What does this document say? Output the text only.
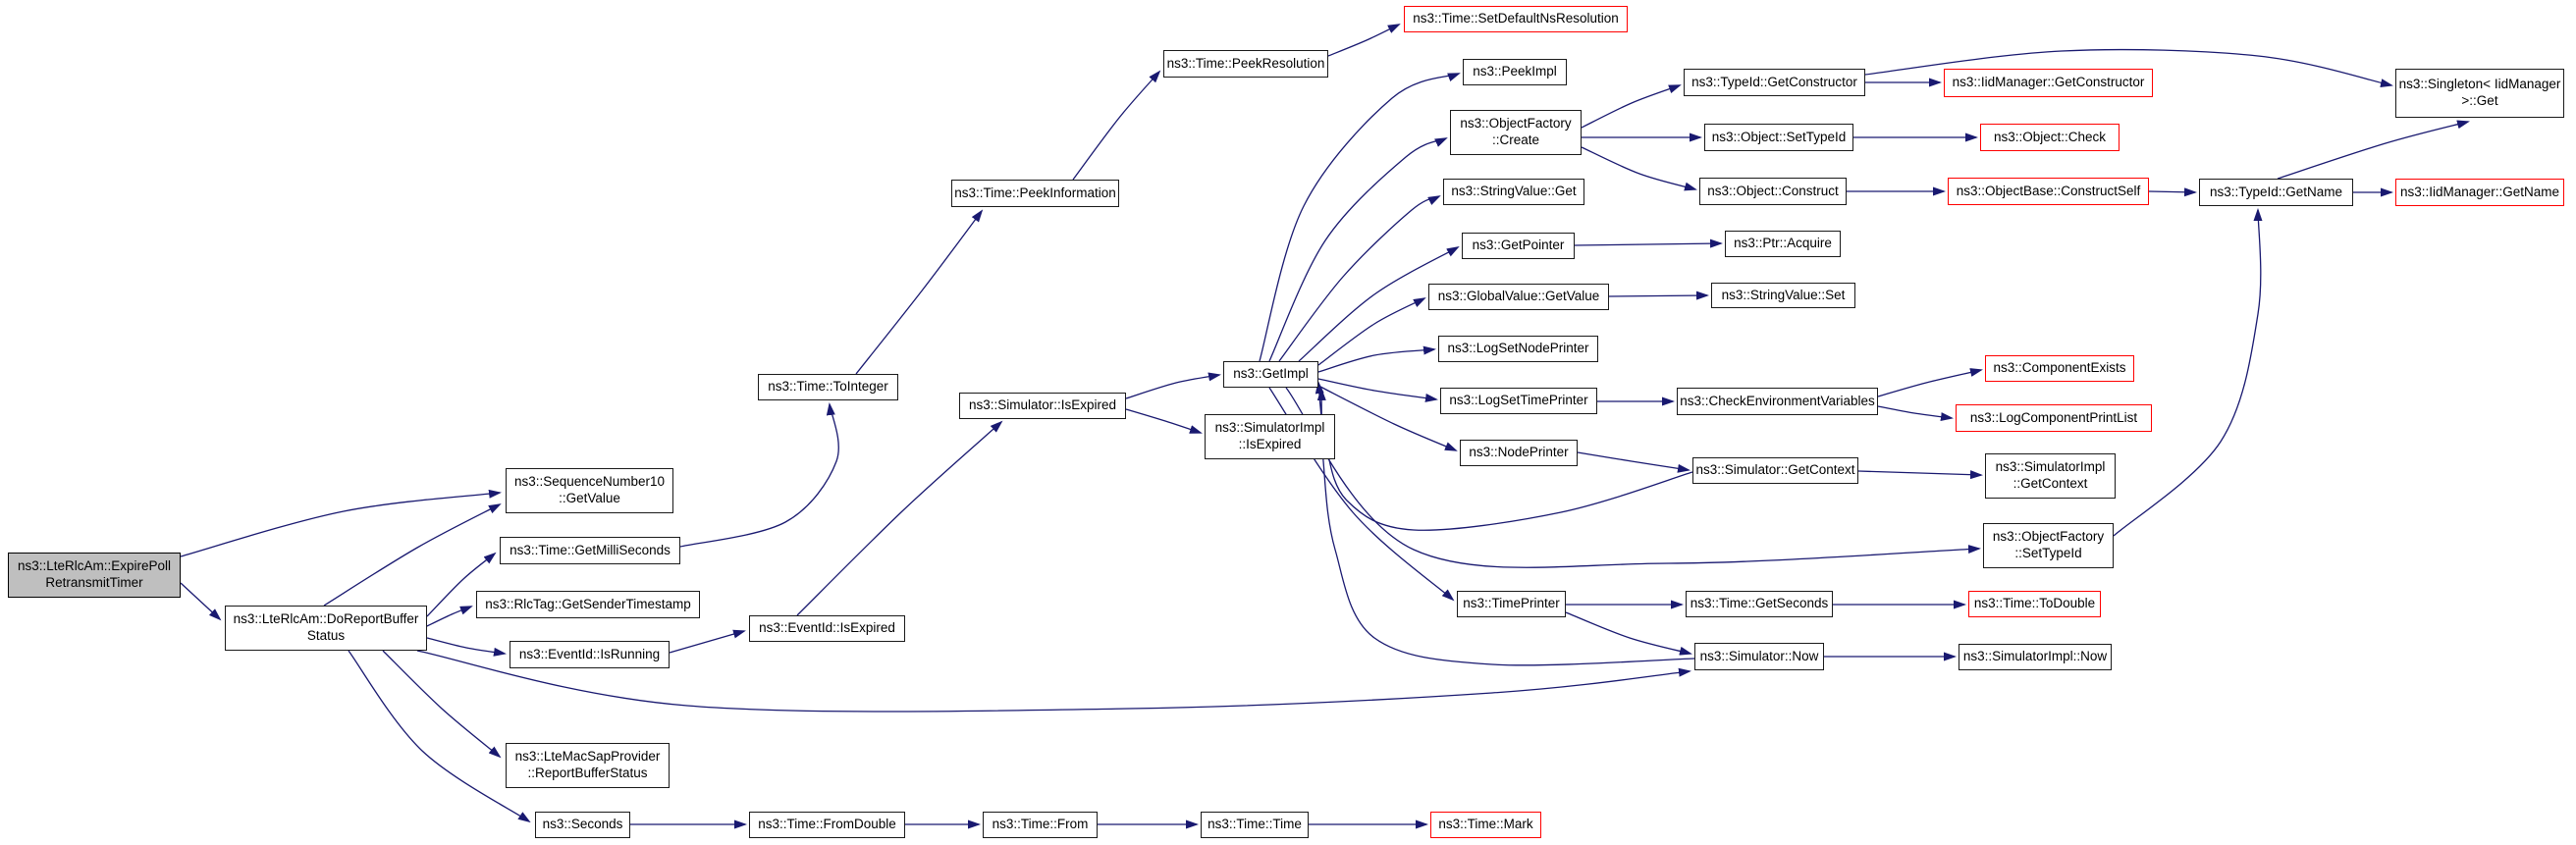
ns3::LteRlcAm::ExpirePoll
RetransmitTimer
ns3::LteRlcAm::DoReportBuffer
Status
ns3::SequenceNumber10
::GetValue
ns3::Time::GetMilliSeconds
ns3::RlcTag::GetSenderTimestamp
ns3::EventId::IsRunning
ns3::LteMacSapProvider
::ReportBufferStatus
ns3::Seconds
ns3::Time::ToInteger
ns3::EventId::IsExpired
ns3::Time::PeekInformation
ns3::Simulator::IsExpired
ns3::Time::PeekResolution
ns3::SimulatorImpl
::IsExpired
ns3::GetImpl
ns3::Time::SetDefaultNsResolution
ns3::PeekImpl
ns3::ObjectFactory
::Create
ns3::StringValue::Get
ns3::GetPointer
ns3::GlobalValue::GetValue
ns3::LogSetNodePrinter
ns3::LogSetTimePrinter
ns3::NodePrinter
ns3::TimePrinter
ns3::TypeId::GetConstructor
ns3::Object::SetTypeId
ns3::Object::Construct
ns3::Ptr::Acquire
ns3::StringValue::Set
ns3::CheckEnvironmentVariables
ns3::Simulator::GetContext
ns3::Time::GetSeconds
ns3::Simulator::Now
ns3::IidManager::GetConstructor
ns3::Object::Check
ns3::ObjectBase::ConstructSelf
ns3::ComponentExists
ns3::LogComponentPrintList
ns3::SimulatorImpl
::GetContext
ns3::ObjectFactory
::SetTypeId
ns3::Time::ToDouble
ns3::SimulatorImpl::Now
ns3::Singleton< IidManager
>::Get
ns3::TypeId::GetName	ns3::IidManager::GetName
ns3::Time::FromDouble	ns3::Time::From	ns3::Time::Time	ns3::Time::Mark
